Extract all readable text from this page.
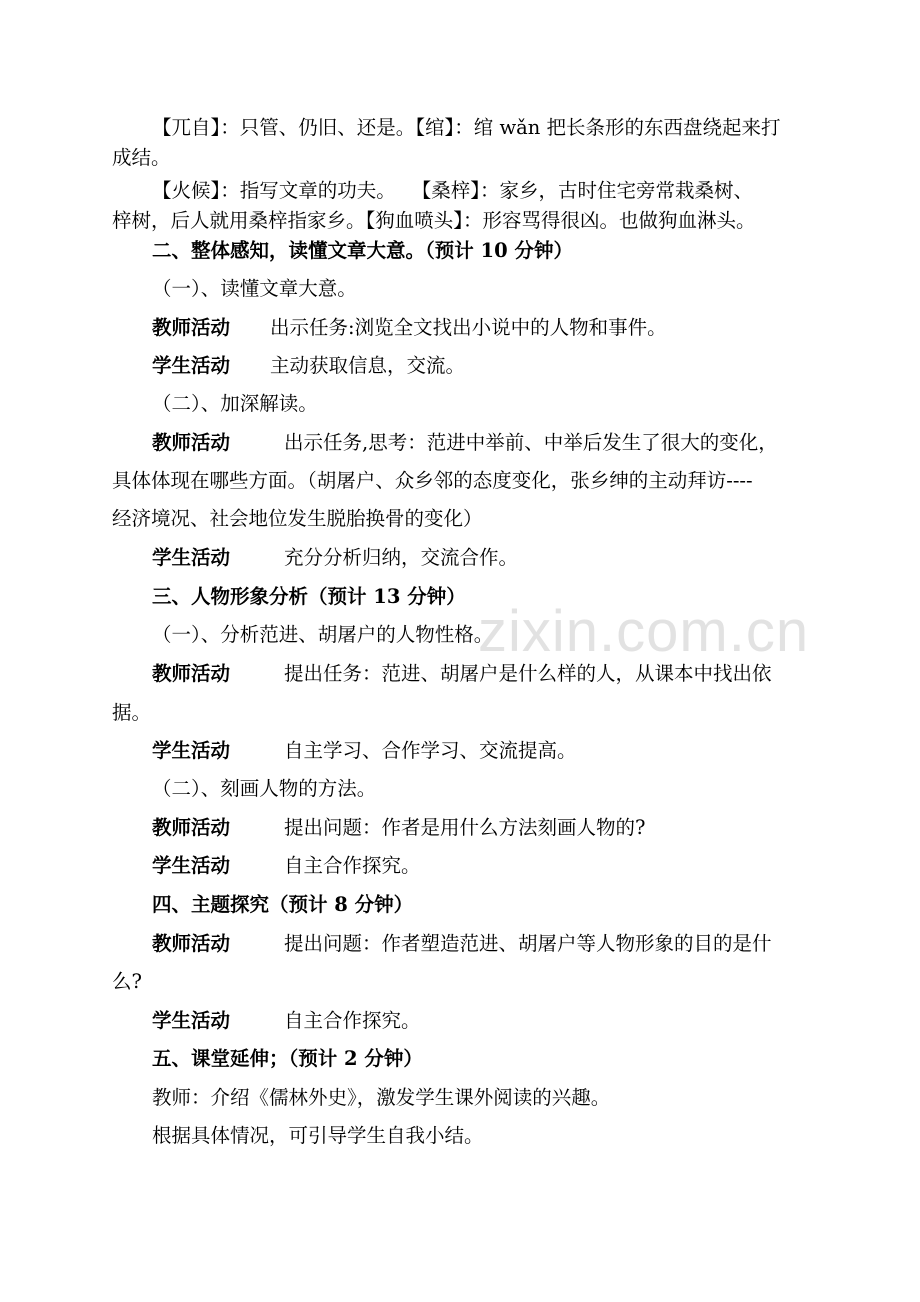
【兀自】：只管、仍旧、还是。【绾】：绾 wǎn 把长条形的东西盘绕起来打
成结。
【火候】：指写文章的功夫。　 【桑梓】：家乡，古时住宅旁常栽桑树、
梓树，后人就用桑梓指家乡。【狗血喷头】：形容骂得很凶。也做狗血淋头。
二、整体感知，读懂文章大意。（预计 10 分钟）
（一）、读懂文章大意。
教师活动 出示任务:浏览全文找出小说中的人物和事件。
学生活动 主动获取信息，交流。
（二）、加深解读。
教师活动	出示任务,思考：范进中举前、中举后发生了很大的变化，
具体体现在哪些方面。（胡屠户、众乡邻的态度变化，张乡绅的主动拜访----
经济境况、社会地位发生脱胎换骨的变化）
学生活动	充分分析归纳，交流合作。
三、人物形象分析（预计 13 分钟）
（一）、分析范进、胡屠户的人物性格。
教师活动	提出任务：范进、胡屠户是什么样的人，从课本中找出依
据。
学生活动	自主学习、合作学习、交流提高。
（二）、刻画人物的方法。
教师活动	提出问题：作者是用什么方法刻画人物的?
学生活动	自主合作探究。
四、主题探究（预计 8 分钟）
教师活动	提出问题：作者塑造范进、胡屠户等人物形象的目的是什
么?
学生活动	自主合作探究。
五、课堂延伸；（预计 2 分钟）
教师：介绍《儒林外史》，激发学生课外阅读的兴趣。
根据具体情况，可引导学生自我小结。
zixin.com.cn
